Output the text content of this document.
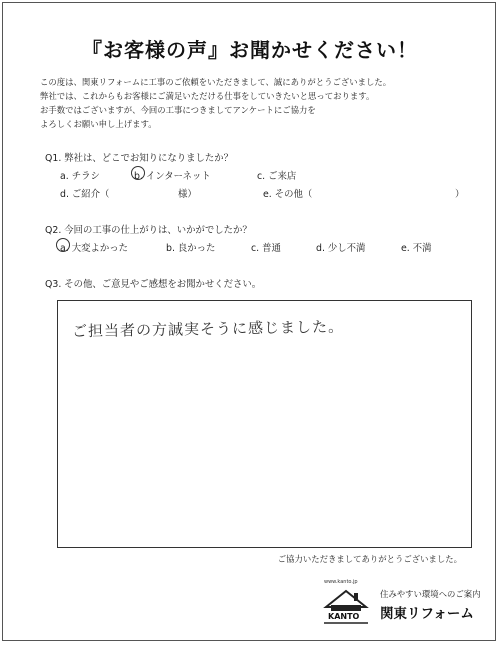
『お客様の声』お聞かせください！
この度は、関東リフォームに工事のご依頼をいただきまして、誠にありがとうございました。
弊社では、これからもお客様にご満足いただける仕事をしていきたいと思っております。
お手数ではございますが、今回の工事につきましてアンケートにご協力を
よろしくお願い申し上げます。
Q1. 弊社は、どこでお知りになりましたか？
a. チラシ	b. インターネット	c. ご来店
d. ご紹介（	様）	e. その他（	）
Q2. 今回の工事の仕上がりは、いかがでしたか？
a. 大変よかった	b. 良かった	c. 普通	d. 少し不満	e. 不満
Q3. その他、ご意見やご感想をお聞かせください。
ご担当者の方誠実そうに感じました。
ご協力いただきましてありがとうございました。
www.kanto.jp
KANTO
住みやすい環境へのご案内
関東リフォーム
